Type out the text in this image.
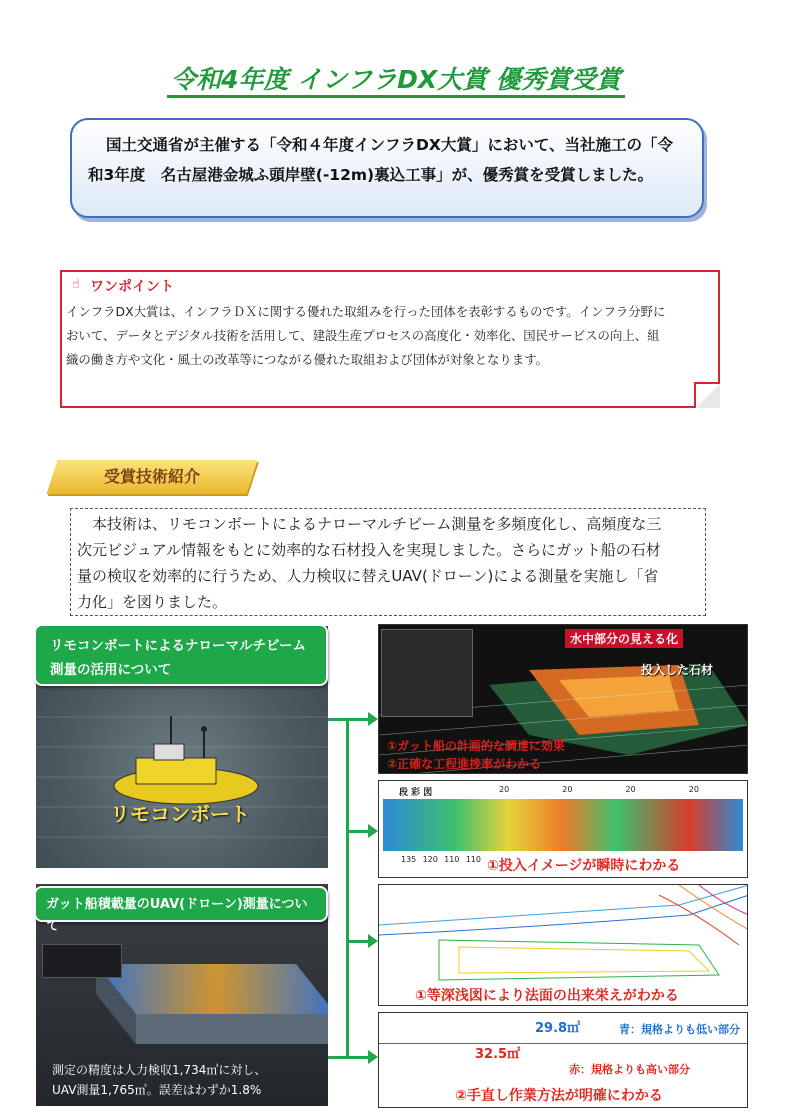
令和4年度 インフラDX大賞 優秀賞受賞
国土交通省が主催する「令和４年度インフラDX大賞」において、当社施工の「令
和3年度　名古屋港金城ふ頭岸壁(-12m)裏込工事」が、優秀賞を受賞しました。
☝ ワンポイント
インフラDX大賞は、インフラＤＸに関する優れた取組みを行った団体を表彰するものです。インフラ分野に
おいて、データとデジタル技術を活用して、建設生産プロセスの高度化・効率化、国民サービスの向上、組
織の働き方や文化・風土の改革等につながる優れた取組および団体が対象となります。
受賞技術紹介
　本技術は、リモコンボートによるナローマルチビーム測量を多頻度化し、高頻度な三
次元ビジュアル情報をもとに効率的な石材投入を実現しました。さらにガット船の石材
量の検収を効率的に行うため、人力検収に替えUAV(ドローン)による測量を実施し「省
力化」を図りました。
リモコンボート
リモコンボートによるナローマルチビーム
測量の活用について
測定の精度は人力検収1,734㎥に対し、
UAV測量1,765㎥。誤差はわずか1.8%
ガット船積載量のUAV(ドローン)測量について
水中部分の見える化
投入した石材
①ガット船の計画的な調達に効果
②正確な工程進捗率がわかる
段 彩 図	20	20	20	20
135 120 110 110 ①投入イメージが瞬時にわかる
①等深浅図により法面の出来栄えがわかる
29.8㎡	青：規格よりも低い部分
32.5㎡
赤：規格よりも高い部分
②手直し作業方法が明確にわかる
